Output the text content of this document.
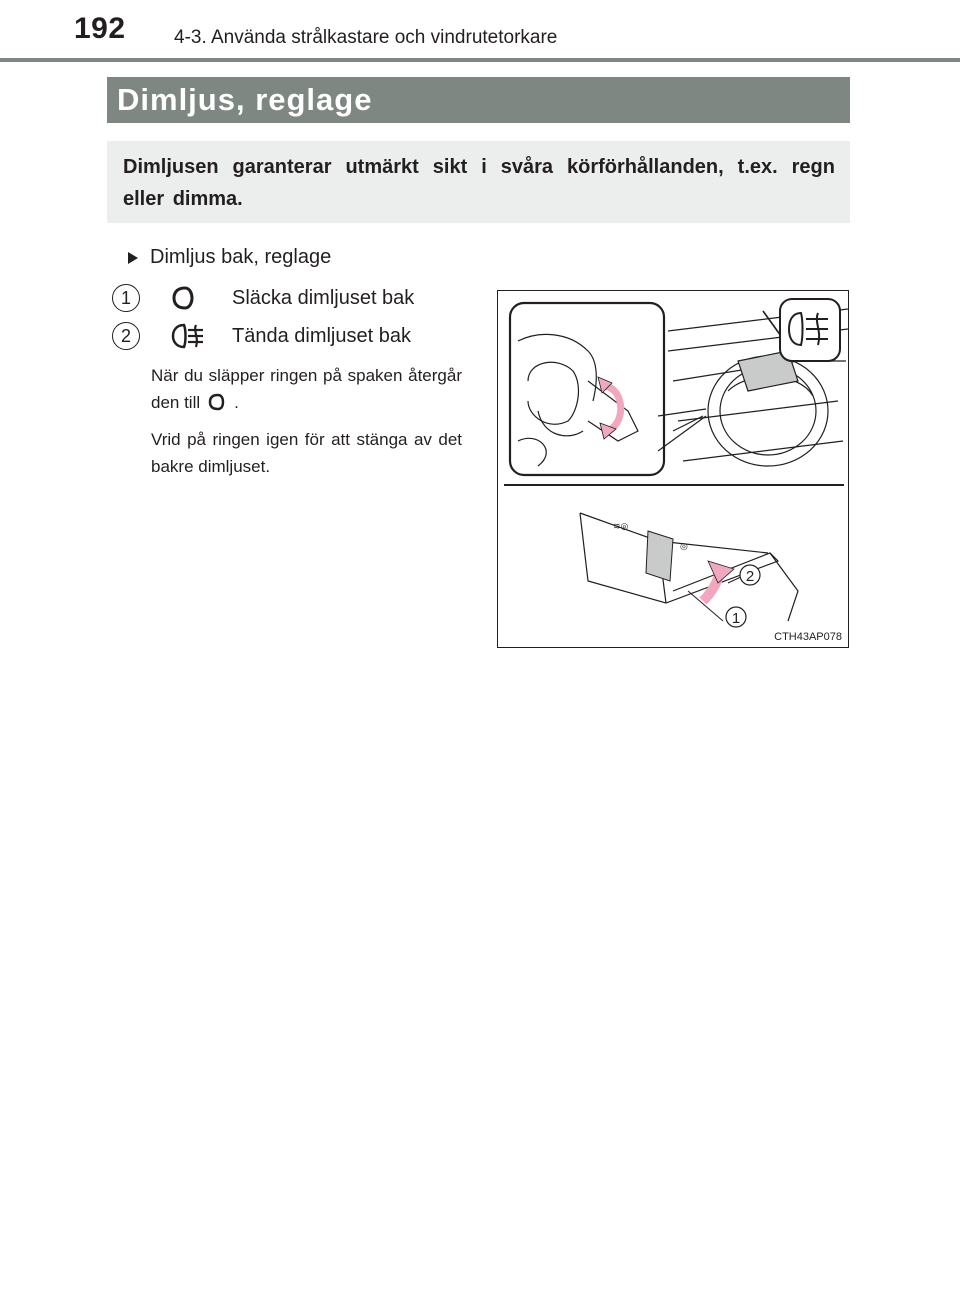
192	4-3. Använda strålkastare och vindrutetorkare
Dimljus, reglage
Dimljusen garanterar utmärkt sikt i svåra körförhållanden, t.ex. regn eller dimma.
Dimljus bak, reglage
1	Släcka dimljuset bak
2	Tända dimljuset bak
När du släpper ringen på spaken återgår den till .
Vrid på ringen igen för att stänga av det bakre dimljuset.
≋◎
◎
2
1
CTH43AP078
